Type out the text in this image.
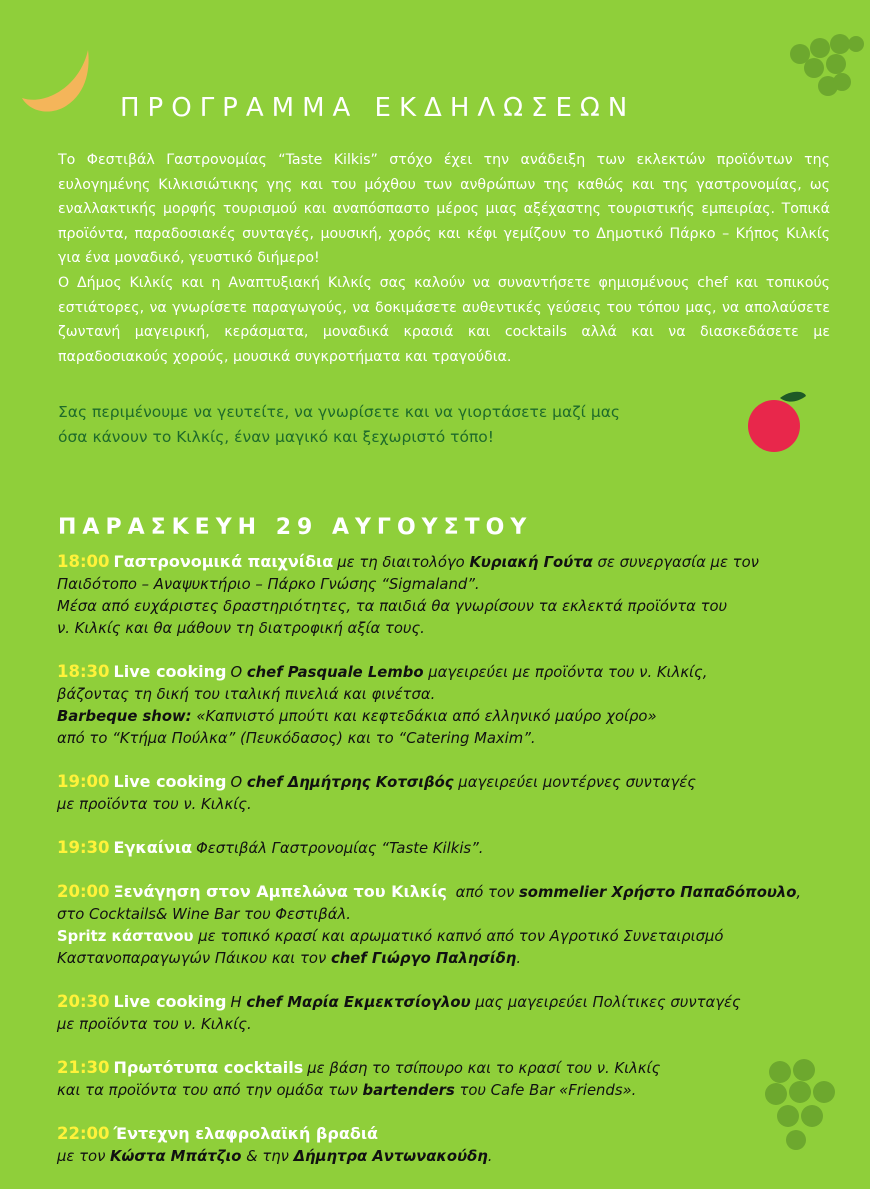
ΠΡΟΓΡΑΜΜΑ ΕΚΔΗΛΩΣΕΩΝ

Το Φεστιβάλ Γαστρονομίας “Taste Kilkis” στόχο έχει την ανάδειξη των εκλεκτών προϊόντων της ευλογημένης Κιλκισιώτικης γης και του μόχθου των ανθρώπων της καθώς και της γαστρονομίας, ως εναλλακτικής μορφής τουρισμού και αναπόσπαστο μέρος μιας αξέχαστης τουριστικής εμπειρίας. Τοπικά προϊόντα, παραδοσιακές συνταγές, μουσική, χορός και κέφι γεμίζουν το Δημοτικό Πάρκο – Κήπος Κιλκίς για ένα μοναδικό, γευστικό διήμερο!

Ο Δήμος Κιλκίς και η Αναπτυξιακή Κιλκίς σας καλούν να συναντήσετε φημισμένους chef και τοπικούς εστιάτορες, να γνωρίσετε παραγωγούς, να δοκιμάσετε αυθεντικές γεύσεις του τόπου μας, να απολαύσετε ζωντανή μαγειρική, κεράσματα, μοναδικά κρασιά και cocktails αλλά και να διασκεδάσετε με παραδοσιακούς χορούς, μουσικά συγκροτήματα και τραγούδια.

Σας περιμένουμε να γευτείτε, να γνωρίσετε και να γιορτάσετε μαζί μας

όσα κάνουν το Κιλκίς, έναν μαγικό και ξεχωριστό τόπο!

ΠΑΡΑΣΚΕΥΗ 29 ΑΥΓΟΥΣΤΟΥ
18:00 Γαστρονομικά παιχνίδια με τη διαιτολόγο Κυριακή Γούτα σε συνεργασία με τον
Παιδότοπο – Αναψυκτήριο – Πάρκο Γνώσης “Sigmaland”.
Μέσα από ευχάριστες δραστηριότητες, τα παιδιά θα γνωρίσουν τα εκλεκτά προϊόντα του
ν. Κιλκίς και θα μάθουν τη διατροφική αξία τους.
18:30 Live cooking Ο chef Pasquale Lembo μαγειρεύει με προϊόντα του ν. Κιλκίς,
βάζοντας τη δική του ιταλική πινελιά και φινέτσα.
Barbeque show: «Καπνιστό μπούτι και κεφτεδάκια από ελληνικό μαύρο χοίρο»
από το “Κτήμα Πούλκα” (Πευκόδασος) και το “Catering Maxim”.
19:00 Live cooking Ο chef Δημήτρης Κοτσιβός μαγειρεύει μοντέρνες συνταγές
με προϊόντα του ν. Κιλκίς.
19:30 Εγκαίνια Φεστιβάλ Γαστρονομίας “Taste Kilkis”.
20:00 Ξενάγηση στον Αμπελώνα του Κιλκίς από τον sommelier Χρήστο Παπαδόπουλο,
στο Cocktails& Wine Bar του Φεστιβάλ.
Spritz κάστανου με τοπικό κρασί και αρωματικό καπνό από τον Αγροτικό Συνεταιρισμό
Καστανοπαραγωγών Πάικου και τον chef Γιώργο Παλησίδη.
20:30 Live cooking Η chef Μαρία Εκμεκτσίογλου μας μαγειρεύει Πολίτικες συνταγές
με προϊόντα του ν. Κιλκίς.
21:30 Πρωτότυπα cocktails με βάση το τσίπουρο και το κρασί του ν. Κιλκίς
και τα προϊόντα του από την ομάδα των bartenders του Cafe Bar «Friends».
22:00 Έντεχνη ελαφρολαϊκή βραδιά
με τον Κώστα Μπάτζιο & την Δήμητρα Αντωνακούδη.
